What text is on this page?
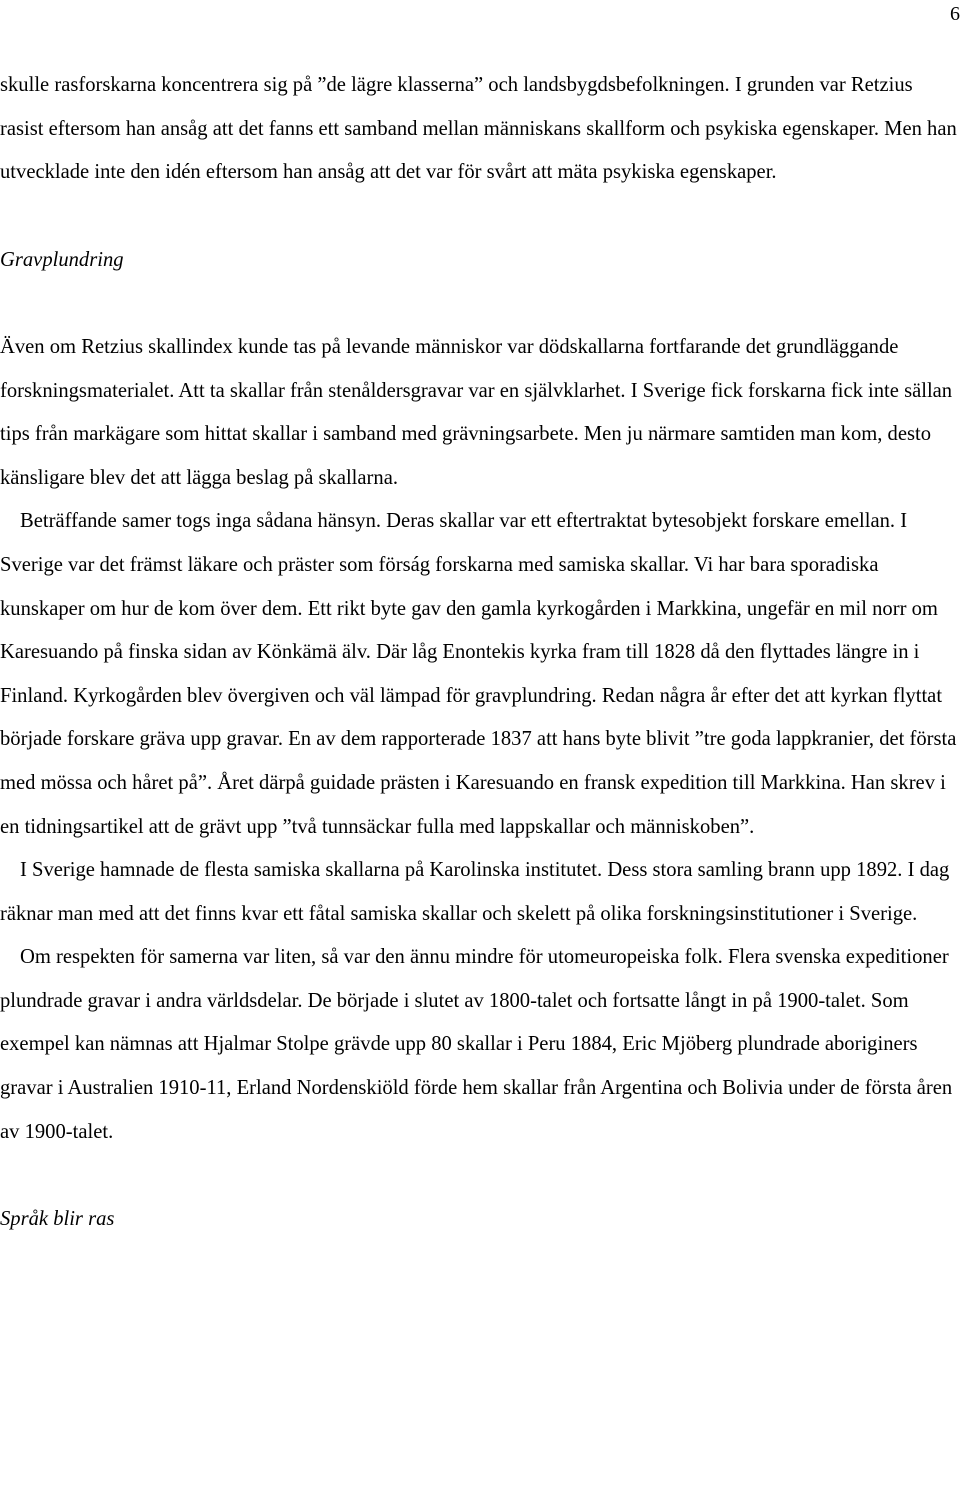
6

skulle rasforskarna koncentrera sig på ”de lägre klasserna” och landsbygdsbefolkningen. I grunden var Retzius rasist eftersom han ansåg att det fanns ett samband mellan människans skallform och psykiska egenskaper. Men han utvecklade inte den idén eftersom han ansåg att det var för svårt att mäta psykiska egenskaper.

Gravplundring

Även om Retzius skallindex kunde tas på levande människor var dödskallarna fortfarande det grundläggande forskningsmaterialet. Att ta skallar från stenåldersgravar var en självklarhet. I Sverige fick forskarna fick inte sällan tips från markägare som hittat skallar i samband med grävningsarbete. Men ju närmare samtiden man kom, desto känsligare blev det att lägga beslag på skallarna.

Beträffande samer togs inga sådana hänsyn. Deras skallar var ett eftertraktat bytesobjekt forskare emellan. I Sverige var det främst läkare och präster som förság forskarna med samiska skallar. Vi har bara sporadiska kunskaper om hur de kom över dem. Ett rikt byte gav den gamla kyrkogården i Markkina, ungefär en mil norr om Karesuando på finska sidan av Könkämä älv. Där låg Enontekis kyrka fram till 1828 då den flyttades längre in i Finland. Kyrkogården blev övergiven och väl lämpad för gravplundring. Redan några år efter det att kyrkan flyttat började forskare gräva upp gravar. En av dem rapporterade 1837 att hans byte blivit ”tre goda lappkranier, det första med mössa och håret på”. Året därpå guidade prästen i Karesuando en fransk expedition till Markkina. Han skrev i en tidningsartikel att de grävt upp ”två tunnsäckar fulla med lappskallar och människoben”.

I Sverige hamnade de flesta samiska skallarna på Karolinska institutet. Dess stora samling brann upp 1892. I dag räknar man med att det finns kvar ett fåtal samiska skallar och skelett på olika forskningsinstitutioner i Sverige.

Om respekten för samerna var liten, så var den ännu mindre för utomeuropeiska folk. Flera svenska expeditioner plundrade gravar i andra världsdelar. De började i slutet av 1800-talet och fortsatte långt in på 1900-talet. Som exempel kan nämnas att Hjalmar Stolpe grävde upp 80 skallar i Peru 1884, Eric Mjöberg plundrade aboriginers gravar i Australien 1910-11, Erland Nordenskiöld förde hem skallar från Argentina och Bolivia under de första åren av 1900-talet.

Språk blir ras
